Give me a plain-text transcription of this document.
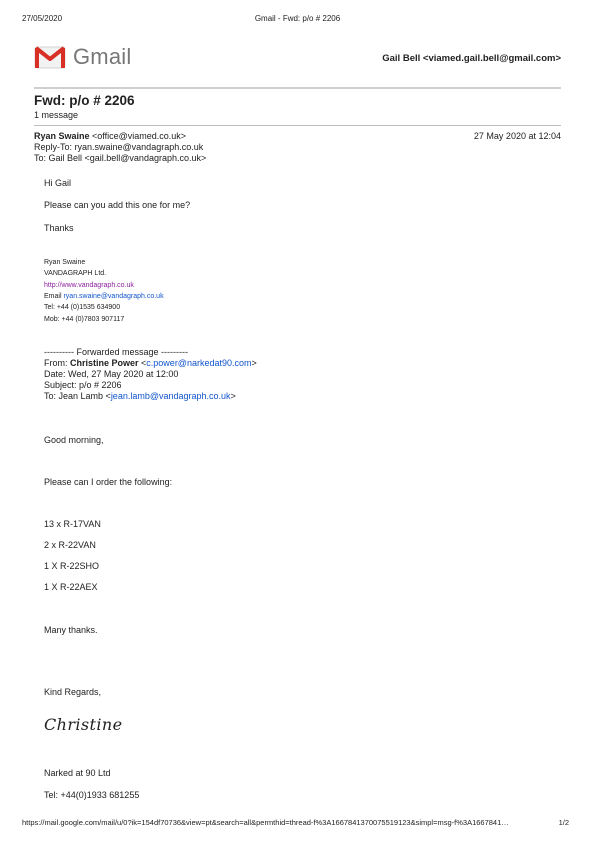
Gmail - Fwd: p/o # 2206
27/05/2020
Gmail	Gail Bell <viamed.gail.bell@gmail.com>
Fwd: p/o # 2206
1 message
Ryan Swaine <office@viamed.co.uk>	27 May 2020 at 12:04
Reply-To: ryan.swaine@vandagraph.co.uk
To: Gail Bell <gail.bell@vandagraph.co.uk>
Hi Gail
Please can you add this one for me?
Thanks
Ryan Swaine
VANDAGRAPH Ltd.
http://www.vandagraph.co.uk
Email ryan.swaine@vandagraph.co.uk
Tel: +44 (0)1535 634900
Mob: +44 (0)7803 907117
---------- Forwarded message ---------
From: Christine Power <c.power@narkedat90.com>
Date: Wed, 27 May 2020 at 12:00
Subject: p/o # 2206
To: Jean Lamb <jean.lamb@vandagraph.co.uk>
Good morning,
Please can I order the following:
13 x R-17VAN
2 x R-22VAN
1 X R-22SHO
1 X R-22AEX
Many thanks.
Kind Regards,
Christine
Narked at 90 Ltd
Tel: +44(0)1933 681255
https://mail.google.com/mail/u/0?ik=154df70736&view=pt&search=all&permthid=thread-f%3A1667841370075519123&simpl=msg-f%3A1667841…	1/2
